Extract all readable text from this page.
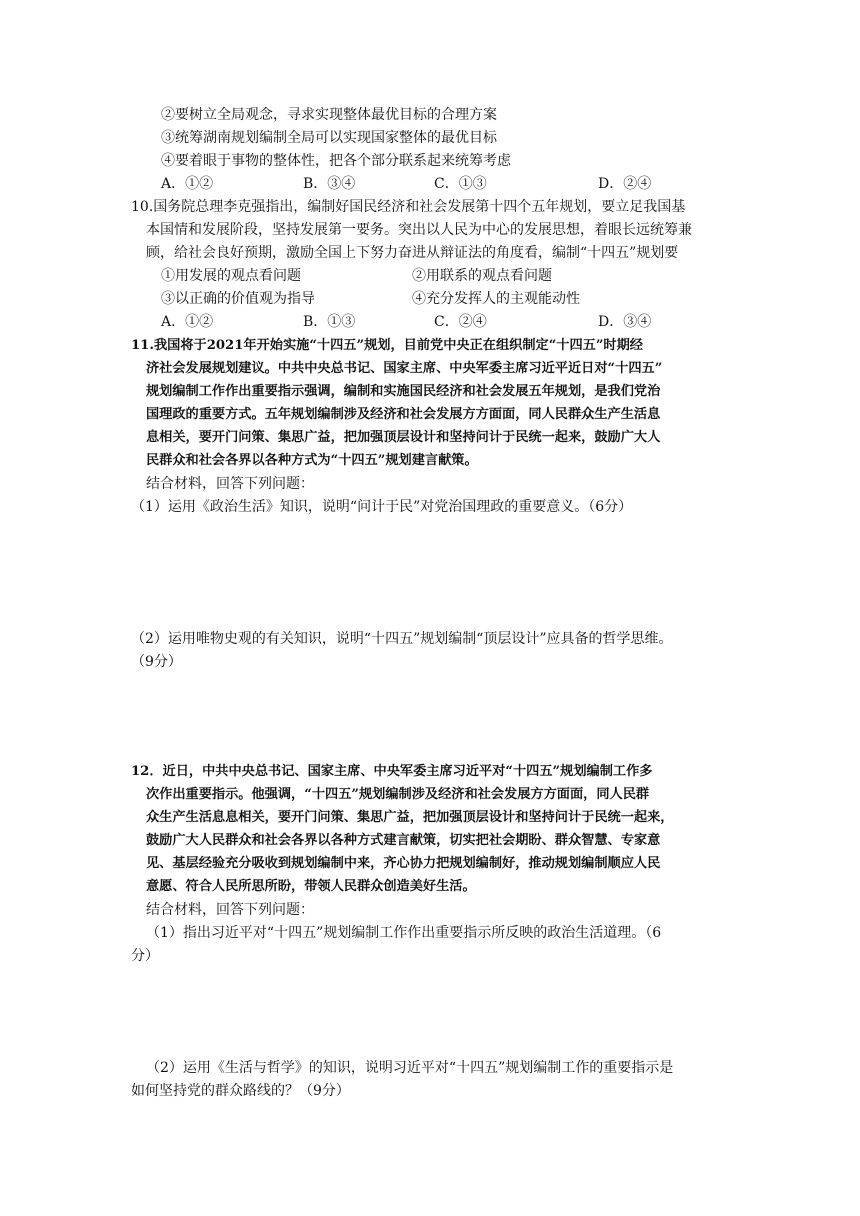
②要树立全局观念，寻求实现整体最优目标的合理方案
③统筹湖南规划编制全局可以实现国家整体的最优目标
④要着眼于事物的整体性，把各个部分联系起来统筹考虑
A．①②	B．③④	C．①③	D．②④
10.国务院总理李克强指出，编制好国民经济和社会发展第十四个五年规划，要立足我国基
本国情和发展阶段，坚持发展第一要务。突出以人民为中心的发展思想，着眼长远统筹兼
顾，给社会良好预期，激励全国上下努力奋进从辩证法的角度看，编制“十四五”规划要
①用发展的观点看问题	②用联系的观点看问题
③以正确的价值观为指导	④充分发挥人的主观能动性
A．①②	B．①③	C．②④	D．③④
11.我国将于2021年开始实施“十四五”规划，目前党中央正在组织制定“十四五”时期经
济社会发展规划建议。中共中央总书记、国家主席、中央军委主席习近平近日对“十四五”
规划编制工作作出重要指示强调，编制和实施国民经济和社会发展五年规划，是我们党治
国理政的重要方式。五年规划编制涉及经济和社会发展方方面面，同人民群众生产生活息
息相关，要开门问策、集思广益，把加强顶层设计和坚持问计于民统一起来，鼓励广大人
民群众和社会各界以各种方式为“十四五”规划建言献策。
结合材料，回答下列问题：
（1）运用《政治生活》知识，说明“问计于民”对党治国理政的重要意义。（6分）
（2）运用唯物史观的有关知识，说明“十四五”规划编制“顶层设计”应具备的哲学思维。
（9分）
12．近日，中共中央总书记、国家主席、中央军委主席习近平对“十四五”规划编制工作多
次作出重要指示。他强调，“十四五”规划编制涉及经济和社会发展方方面面，同人民群
众生产生活息息相关，要开门问策、集思广益，把加强顶层设计和坚持问计于民统一起来，
鼓励广大人民群众和社会各界以各种方式建言献策，切实把社会期盼、群众智慧、专家意
见、基层经验充分吸收到规划编制中来，齐心协力把规划编制好，推动规划编制顺应人民
意愿、符合人民所思所盼，带领人民群众创造美好生活。
结合材料，回答下列问题：
（1）指出习近平对“十四五”规划编制工作作出重要指示所反映的政治生活道理。（6
分）
（2）运用《生活与哲学》的知识，说明习近平对“十四五”规划编制工作的重要指示是
如何坚持党的群众路线的？（9分）
